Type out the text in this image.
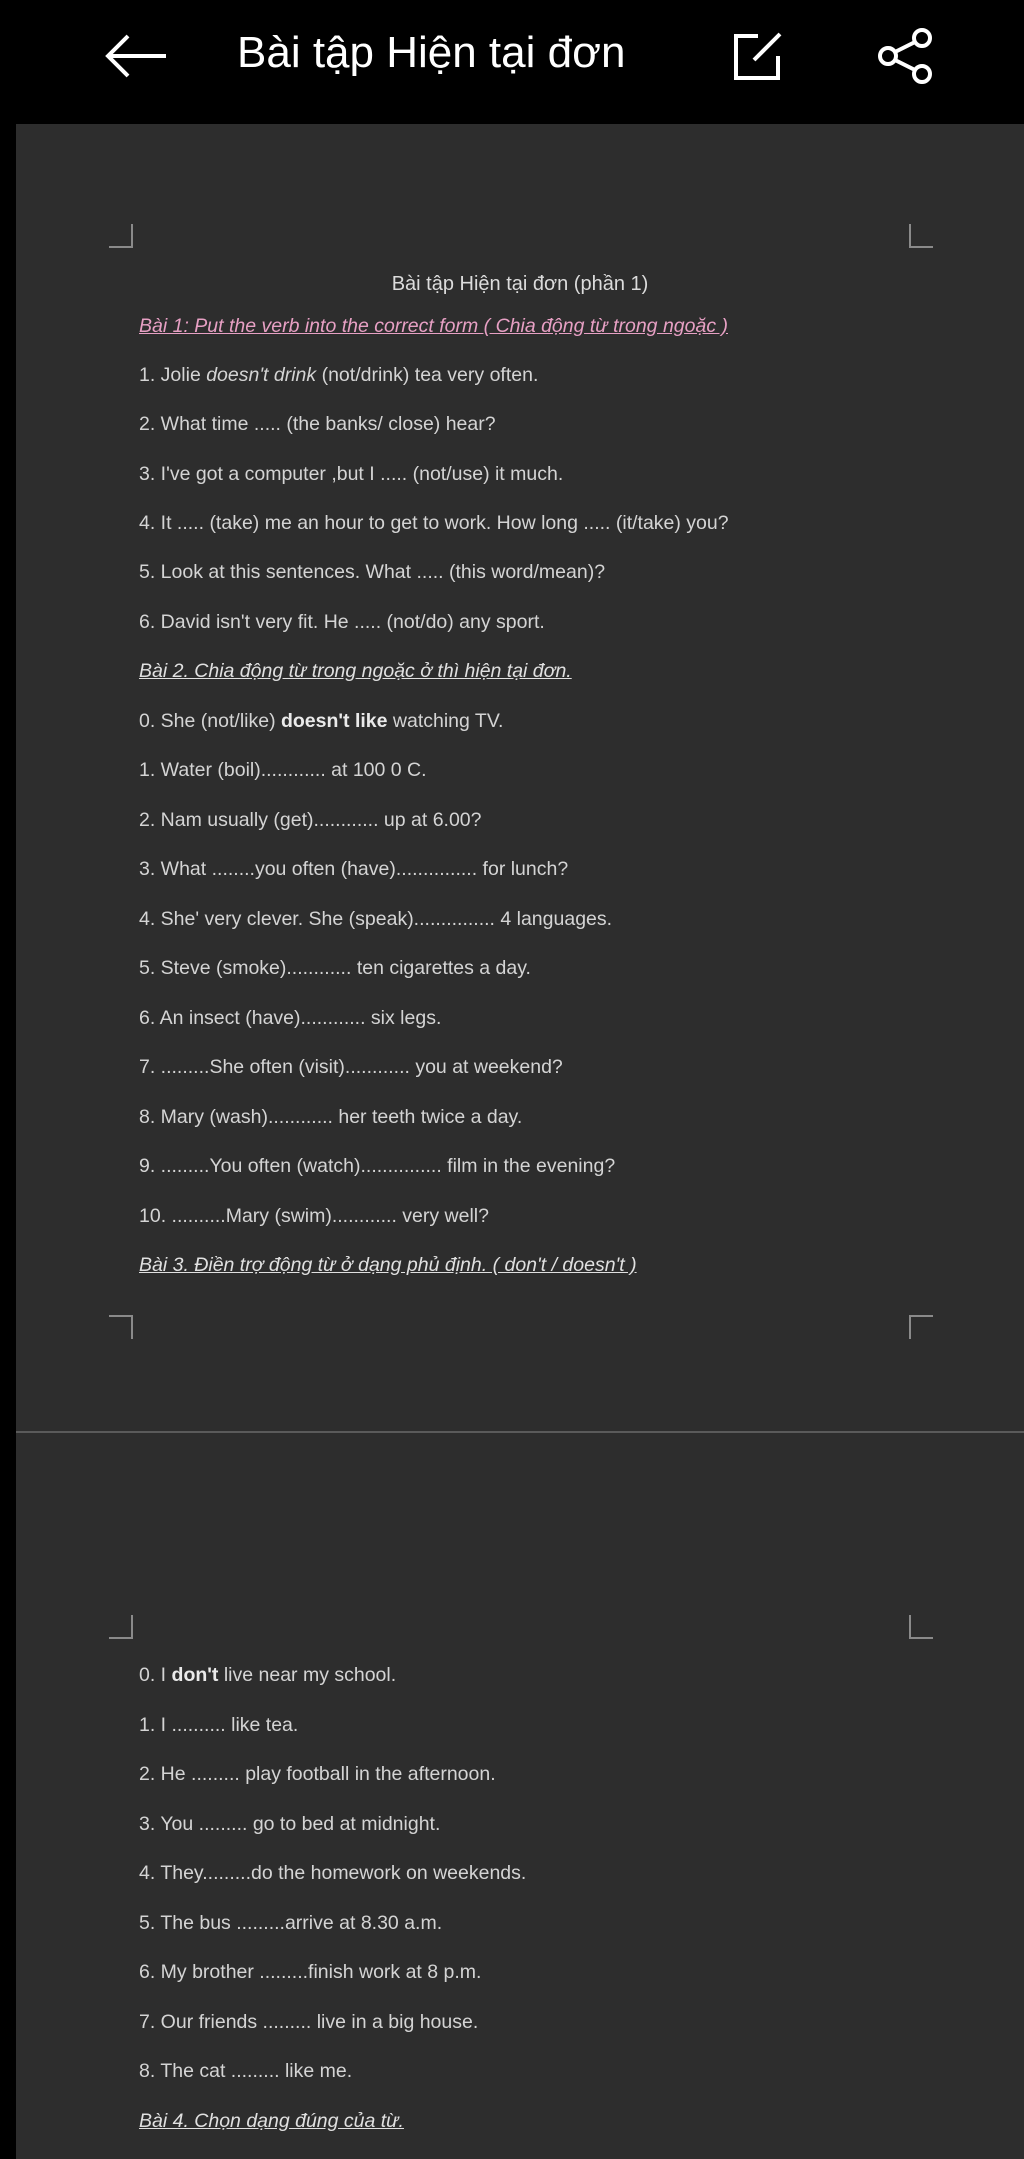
Bài tập Hiện tại đơn
Bài tập Hiện tại đơn (phần 1)
Bài 1: Put the verb into the correct form ( Chia động từ trong ngoặc )
1. Jolie doesn't drink (not/drink) tea very often.
2. What time ..... (the banks/ close) hear?
3. I've got a computer ,but I ..... (not/use) it much.
4. It ..... (take) me an hour to get to work. How long ..... (it/take) you?
5. Look at this sentences. What ..... (this word/mean)?
6. David isn't very fit. He ..... (not/do) any sport.
Bài 2. Chia động từ trong ngoặc ở thì hiện tại đơn.
0. She (not/like) doesn't like watching TV.
1. Water (boil)............ at 100 0 C.
2. Nam usually (get)............ up at 6.00?
3. What ........you often (have)............... for lunch?
4. She' very clever. She (speak)............... 4 languages.
5. Steve (smoke)............ ten cigarettes a day.
6. An insect (have)............ six legs.
7. .........She often (visit)............ you at weekend?
8. Mary (wash)............ her teeth twice a day.
9. .........You often (watch)............... film in the evening?
10. ..........Mary (swim)............ very well?
Bài 3. Điền trợ động từ ở dạng phủ định. ( don't / doesn't )
0. I don't live near my school.
1. I .......... like tea.
2. He ......... play football in the afternoon.
3. You ......... go to bed at midnight.
4. They.........do the homework on weekends.
5. The bus .........arrive at 8.30 a.m.
6. My brother .........finish work at 8 p.m.
7. Our friends ......... live in a big house.
8. The cat ......... like me.
Bài 4. Chọn dạng đúng của từ.
